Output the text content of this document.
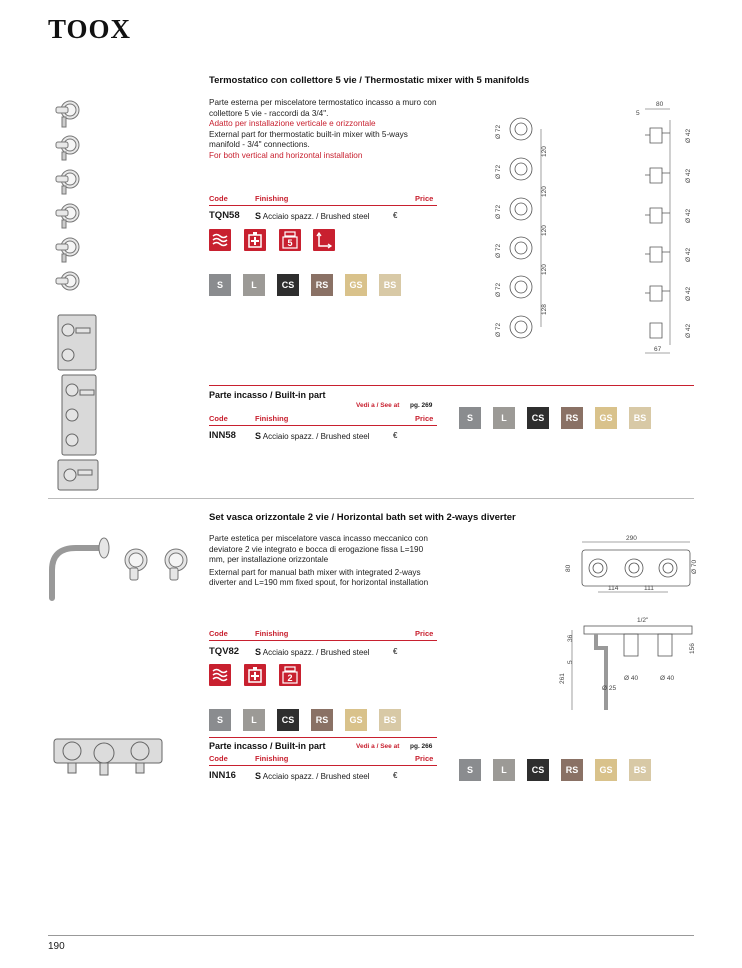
TOOX
Termostatico con collettore 5 vie / Thermostatic mixer with 5 manifolds
Parte esterna per miscelatore termostatico incasso a muro con collettore 5 vie - raccordi da 3/4".
Adatto per installazione verticale e orizzontale
External part for thermostatic built-in mixer with 5-ways manifold - 3/4" connections.
For both vertical and horizontal installation
Code	Finishing	Price
TQN58 S Acciaio spazz. / Brushed steel	€
5
S	L	CS	RS	GS	BS
Ø 72
Ø 72
Ø 72
Ø 72
Ø 72
Ø 72
120
120
120
120
128
Ø 42
Ø 42
Ø 42
Ø 42
Ø 42
Ø 42
80
5
67
Parte incasso / Built-in part
Vedi a / See at pg. 269
Code	Finishing	Price
INN58 S Acciaio spazz. / Brushed steel	€
S	L	CS	RS	GS	BS
Set vasca orizzontale 2 vie / Horizontal bath set with 2-ways diverter
Parte estetica per miscelatore vasca incasso meccanico con deviatore 2 vie integrato e bocca di erogazione fissa L=190 mm, per installazione orizzontale
External part for manual bath mixer with integrated 2-ways diverter and L=190 mm fixed spout, for horizontal installation
Code	Finishing	Price
TQV82 S Acciaio spazz. / Brushed steel	€
2
S	L	CS	RS	GS	BS
290
80
114	111
Ø 70
1/2"
36
5
261
Ø 25
Ø 40	Ø 40
156
Parte incasso / Built-in part	Vedi a / See at pg. 266
Code	Finishing	Price
INN16 S Acciaio spazz. / Brushed steel	€
S	L	CS	RS	GS	BS
190
